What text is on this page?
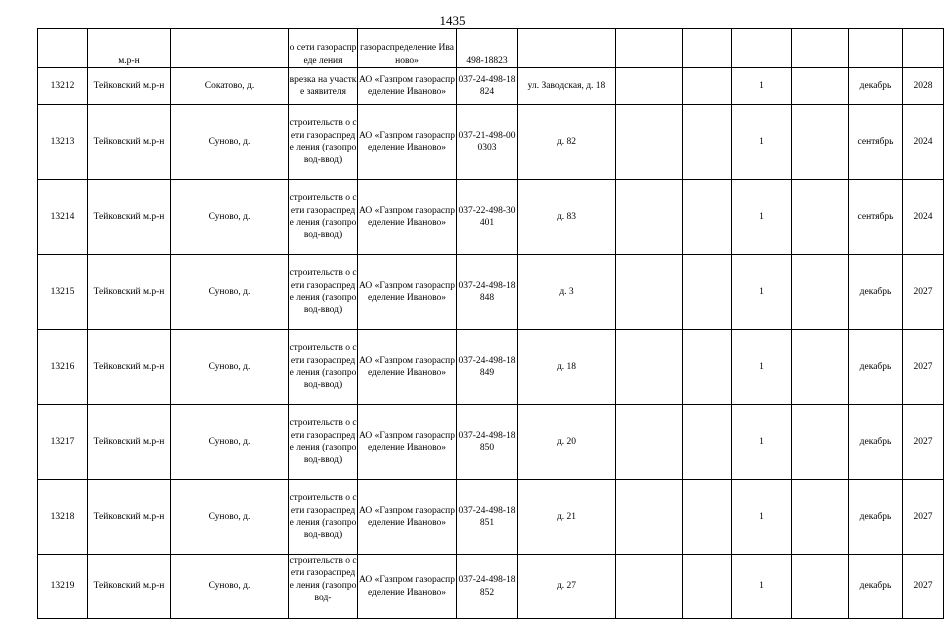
1435
	м.р-н		о сети газораспреде ления	газораспределение Иваново»	498-18823							
13212	Тейковский м.р-н	Сокатово, д.	врезка на участке заявителя	АО «Газпром газораспределение Иваново»	037-24-498-18824	ул. Заводская, д. 18			1		декабрь	2028
13213	Тейковский м.р-н	Суново, д.	строительств о сети газораспреде ления (газопровод-ввод)	АО «Газпром газораспределение Иваново»	037-21-498-000303	д. 82			1		сентябрь	2024
13214	Тейковский м.р-н	Суново, д.	строительств о сети газораспреде ления (газопровод-ввод)	АО «Газпром газораспределение Иваново»	037-22-498-30401	д. 83			1		сентябрь	2024
13215	Тейковский м.р-н	Суново, д.	строительств о сети газораспреде ления (газопровод-ввод)	АО «Газпром газораспределение Иваново»	037-24-498-18848	д. 3			1		декабрь	2027
13216	Тейковский м.р-н	Суново, д.	строительств о сети газораспреде ления (газопровод-ввод)	АО «Газпром газораспределение Иваново»	037-24-498-18849	д. 18			1		декабрь	2027
13217	Тейковский м.р-н	Суново, д.	строительств о сети газораспреде ления (газопровод-ввод)	АО «Газпром газораспределение Иваново»	037-24-498-18850	д. 20			1		декабрь	2027
13218	Тейковский м.р-н	Суново, д.	строительств о сети газораспреде ления (газопровод-ввод)	АО «Газпром газораспределение Иваново»	037-24-498-18851	д. 21			1		декабрь	2027
13219	Тейковский м.р-н	Суново, д.	строительств о сети газораспреде ления (газопровод-	АО «Газпром газораспределение Иваново»	037-24-498-18852	д. 27			1		декабрь	2027
